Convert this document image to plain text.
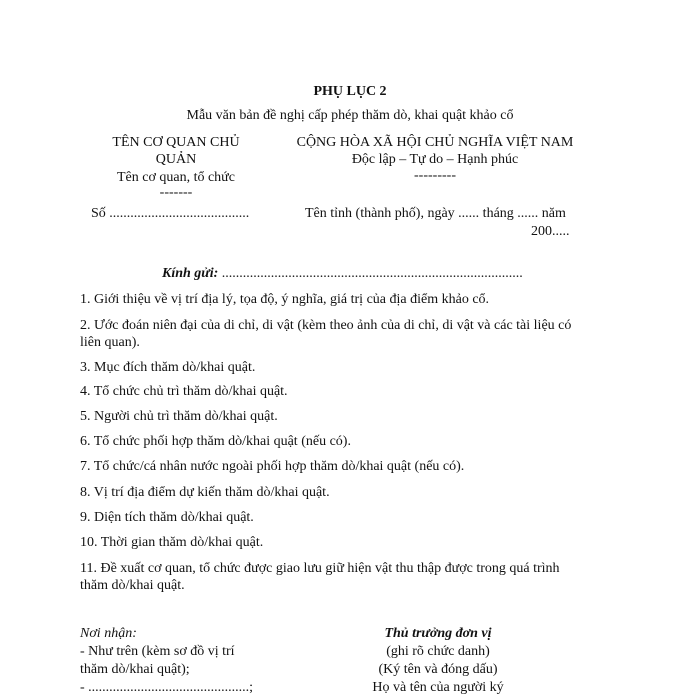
PHỤ LỤC 2
Mẫu văn bản đề nghị cấp phép thăm dò, khai quật khảo cổ
TÊN CƠ QUAN CHỦ
QUẢN
Tên cơ quan, tổ chức
-------
Số ........................................
CỘNG HÒA XÃ HỘI CHỦ NGHĨA VIỆT NAM
Độc lập – Tự do – Hạnh phúc
---------
Tên tỉnh (thành phố), ngày ...... tháng ...... năm
200.....
Kính gửi: ......................................................................................
1. Giới thiệu về vị trí địa lý, tọa độ, ý nghĩa, giá trị của địa điểm khảo cổ.
2. Ước đoán niên đại của di chỉ, di vật (kèm theo ảnh của di chỉ, di vật và các tài liệu có
liên quan).
3. Mục đích thăm dò/khai quật.
4. Tổ chức chủ trì thăm dò/khai quật.
5. Người chủ trì thăm dò/khai quật.
6. Tổ chức phối hợp thăm dò/khai quật (nếu có).
7. Tổ chức/cá nhân nước ngoài phối hợp thăm dò/khai quật (nếu có).
8. Vị trí địa điểm dự kiến thăm dò/khai quật.
9. Diện tích thăm dò/khai quật.
10. Thời gian thăm dò/khai quật.
11. Đề xuất cơ quan, tổ chức được giao lưu giữ hiện vật thu thập được trong quá trình
thăm dò/khai quật.
Nơi nhận:
- Như trên (kèm sơ đồ vị trí
thăm dò/khai quật);
- ..............................................;
Thủ trưởng đơn vị
(ghi rõ chức danh)
(Ký tên và đóng dấu)
Họ và tên của người ký
